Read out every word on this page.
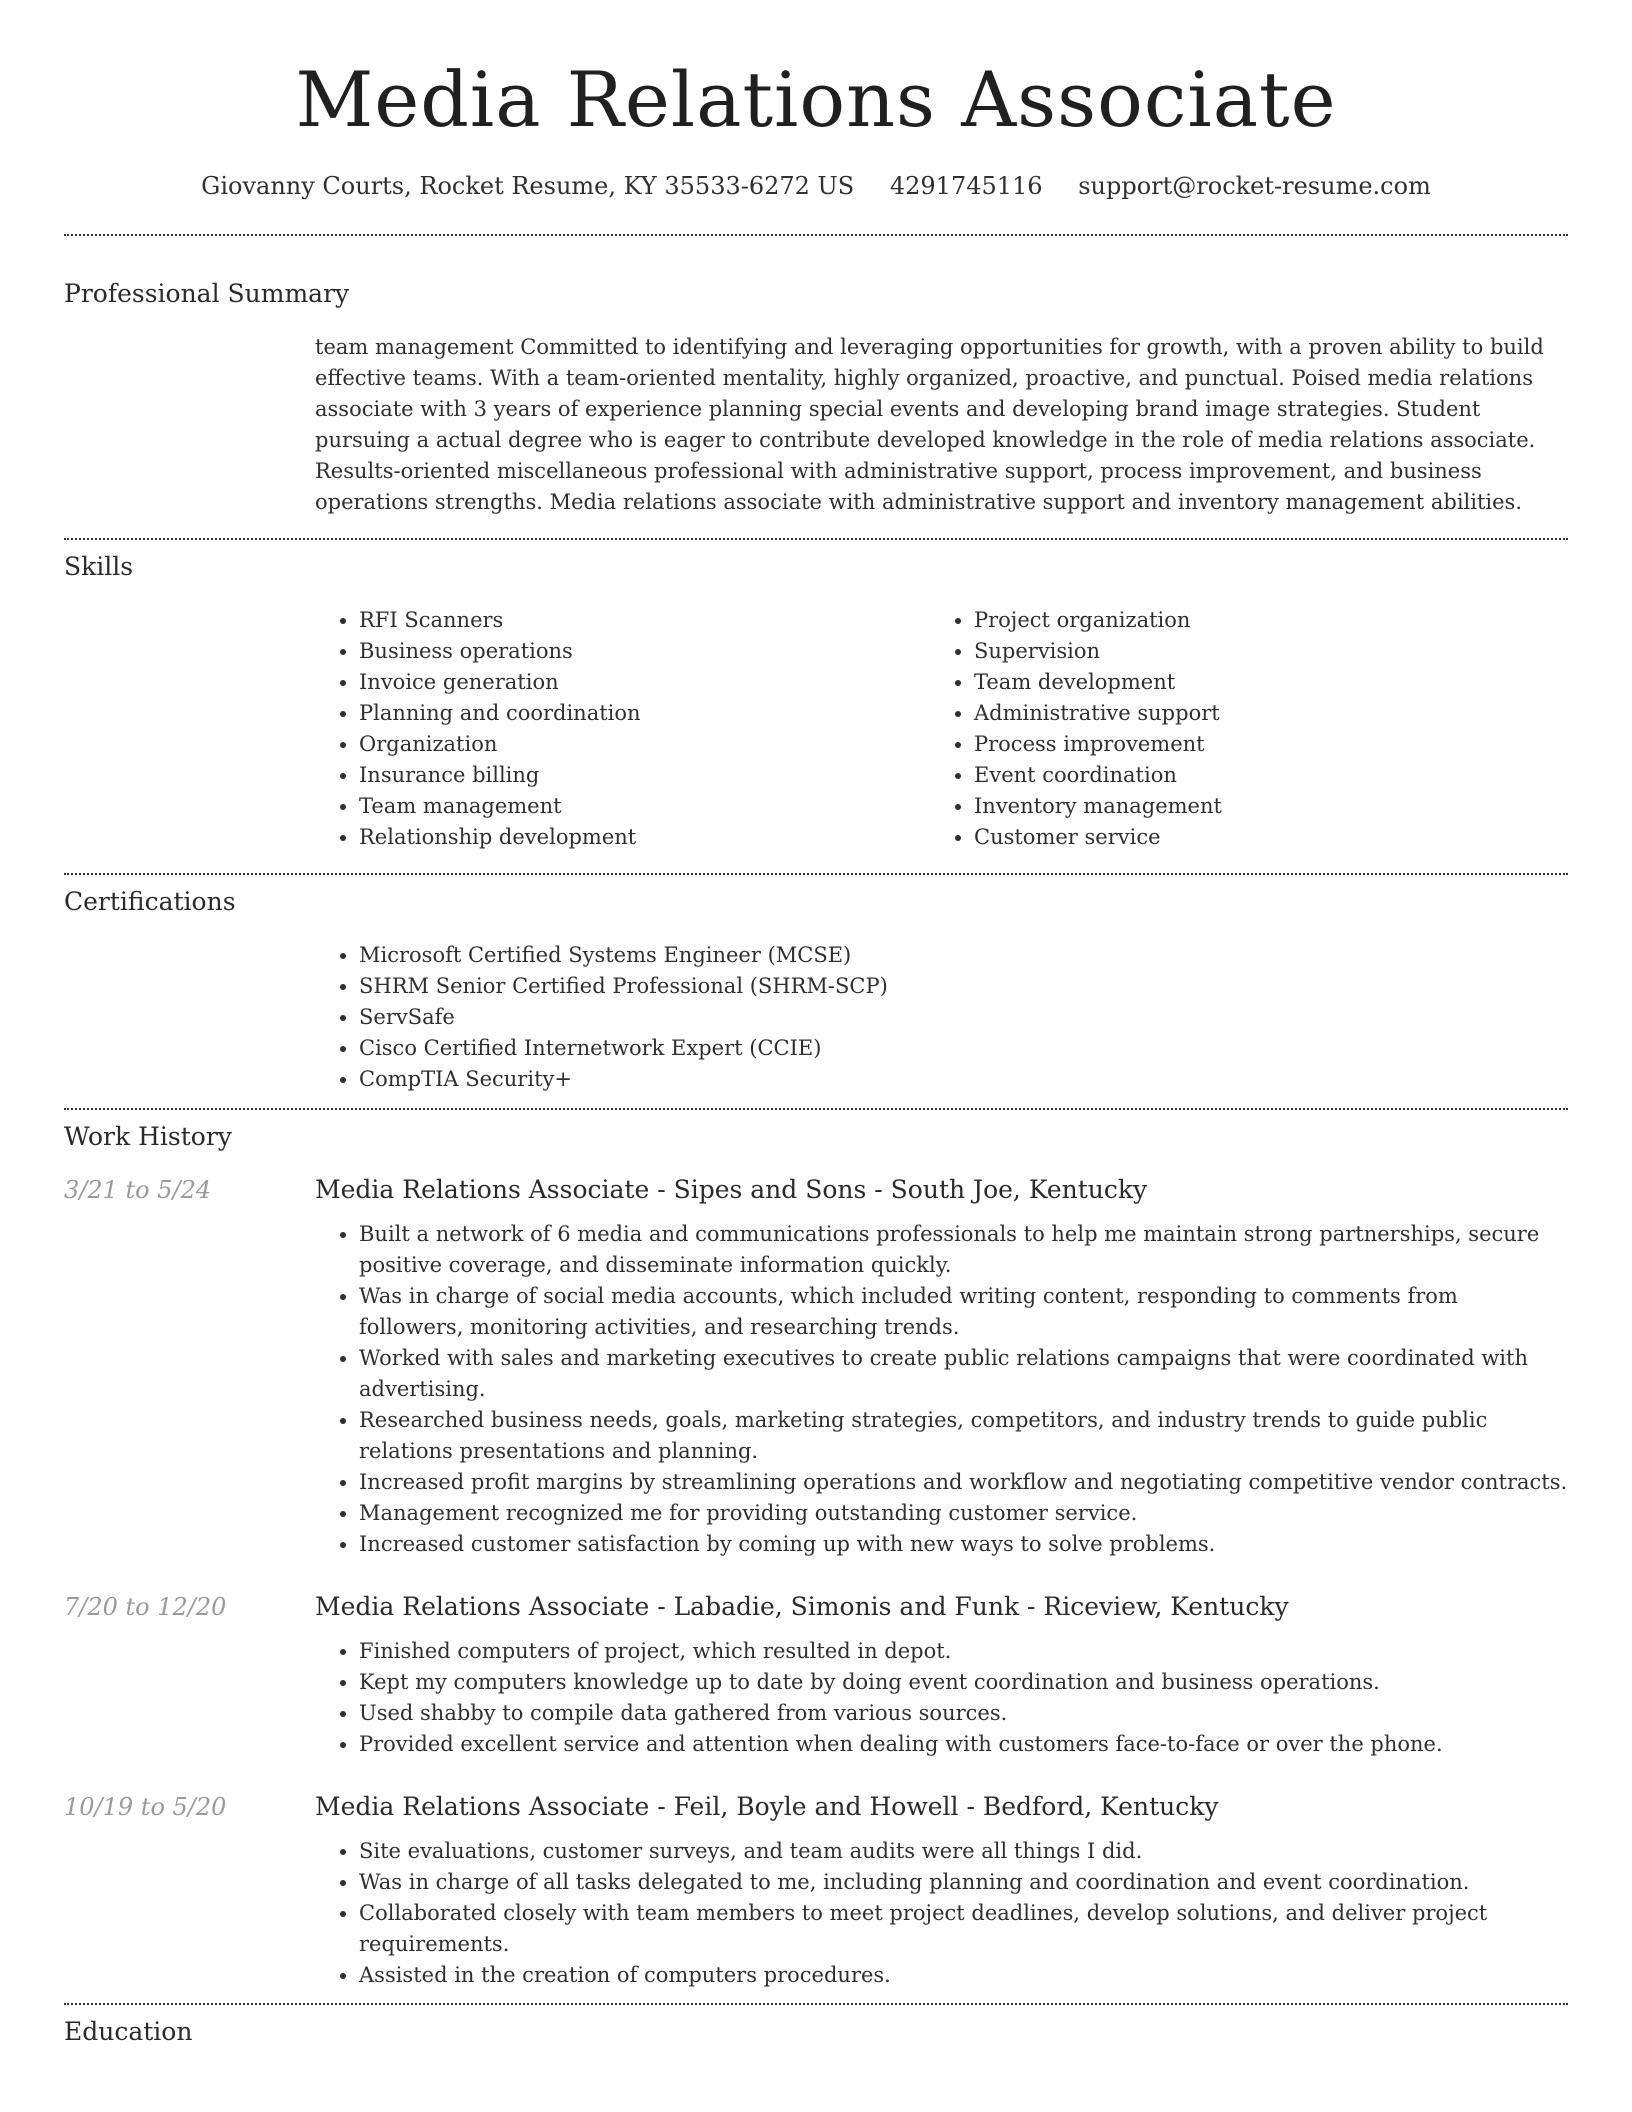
Media Relations Associate
Giovanny Courts, Rocket Resume, KY 35533-6272 US 4291745116 support@rocket-resume.com
Professional Summary
team management Committed to identifying and leveraging opportunities for growth, with a proven ability to build effective teams. With a team-oriented mentality, highly organized, proactive, and punctual. Poised media relations associate with 3 years of experience planning special events and developing brand image strategies. Student pursuing a actual degree who is eager to contribute developed knowledge in the role of media relations associate. Results-oriented miscellaneous professional with administrative support, process improvement, and business operations strengths. Media relations associate with administrative support and inventory management abilities.
Skills
• RFI Scanners
• Business operations
• Invoice generation
• Planning and coordination
• Organization
• Insurance billing
• Team management
• Relationship development
• Project organization
• Supervision
• Team development
• Administrative support
• Process improvement
• Event coordination
• Inventory management
• Customer service
Certifications
• Microsoft Certified Systems Engineer (MCSE)
• SHRM Senior Certified Professional (SHRM-SCP)
• ServSafe
• Cisco Certified Internetwork Expert (CCIE)
• CompTIA Security+
Work History
3/21 to 5/24	Media Relations Associate - Sipes and Sons - South Joe, Kentucky
• Built a network of 6 media and communications professionals to help me maintain strong partnerships, secure positive coverage, and disseminate information quickly.
• Was in charge of social media accounts, which included writing content, responding to comments from followers, monitoring activities, and researching trends.
• Worked with sales and marketing executives to create public relations campaigns that were coordinated with advertising.
• Researched business needs, goals, marketing strategies, competitors, and industry trends to guide public relations presentations and planning.
• Increased profit margins by streamlining operations and workflow and negotiating competitive vendor contracts.
• Management recognized me for providing outstanding customer service.
• Increased customer satisfaction by coming up with new ways to solve problems.
7/20 to 12/20	Media Relations Associate - Labadie, Simonis and Funk - Riceview, Kentucky
• Finished computers of project, which resulted in depot.
• Kept my computers knowledge up to date by doing event coordination and business operations.
• Used shabby to compile data gathered from various sources.
• Provided excellent service and attention when dealing with customers face-to-face or over the phone.
10/19 to 5/20	Media Relations Associate - Feil, Boyle and Howell - Bedford, Kentucky
• Site evaluations, customer surveys, and team audits were all things I did.
• Was in charge of all tasks delegated to me, including planning and coordination and event coordination.
• Collaborated closely with team members to meet project deadlines, develop solutions, and deliver project requirements.
• Assisted in the creation of computers procedures.
Education
